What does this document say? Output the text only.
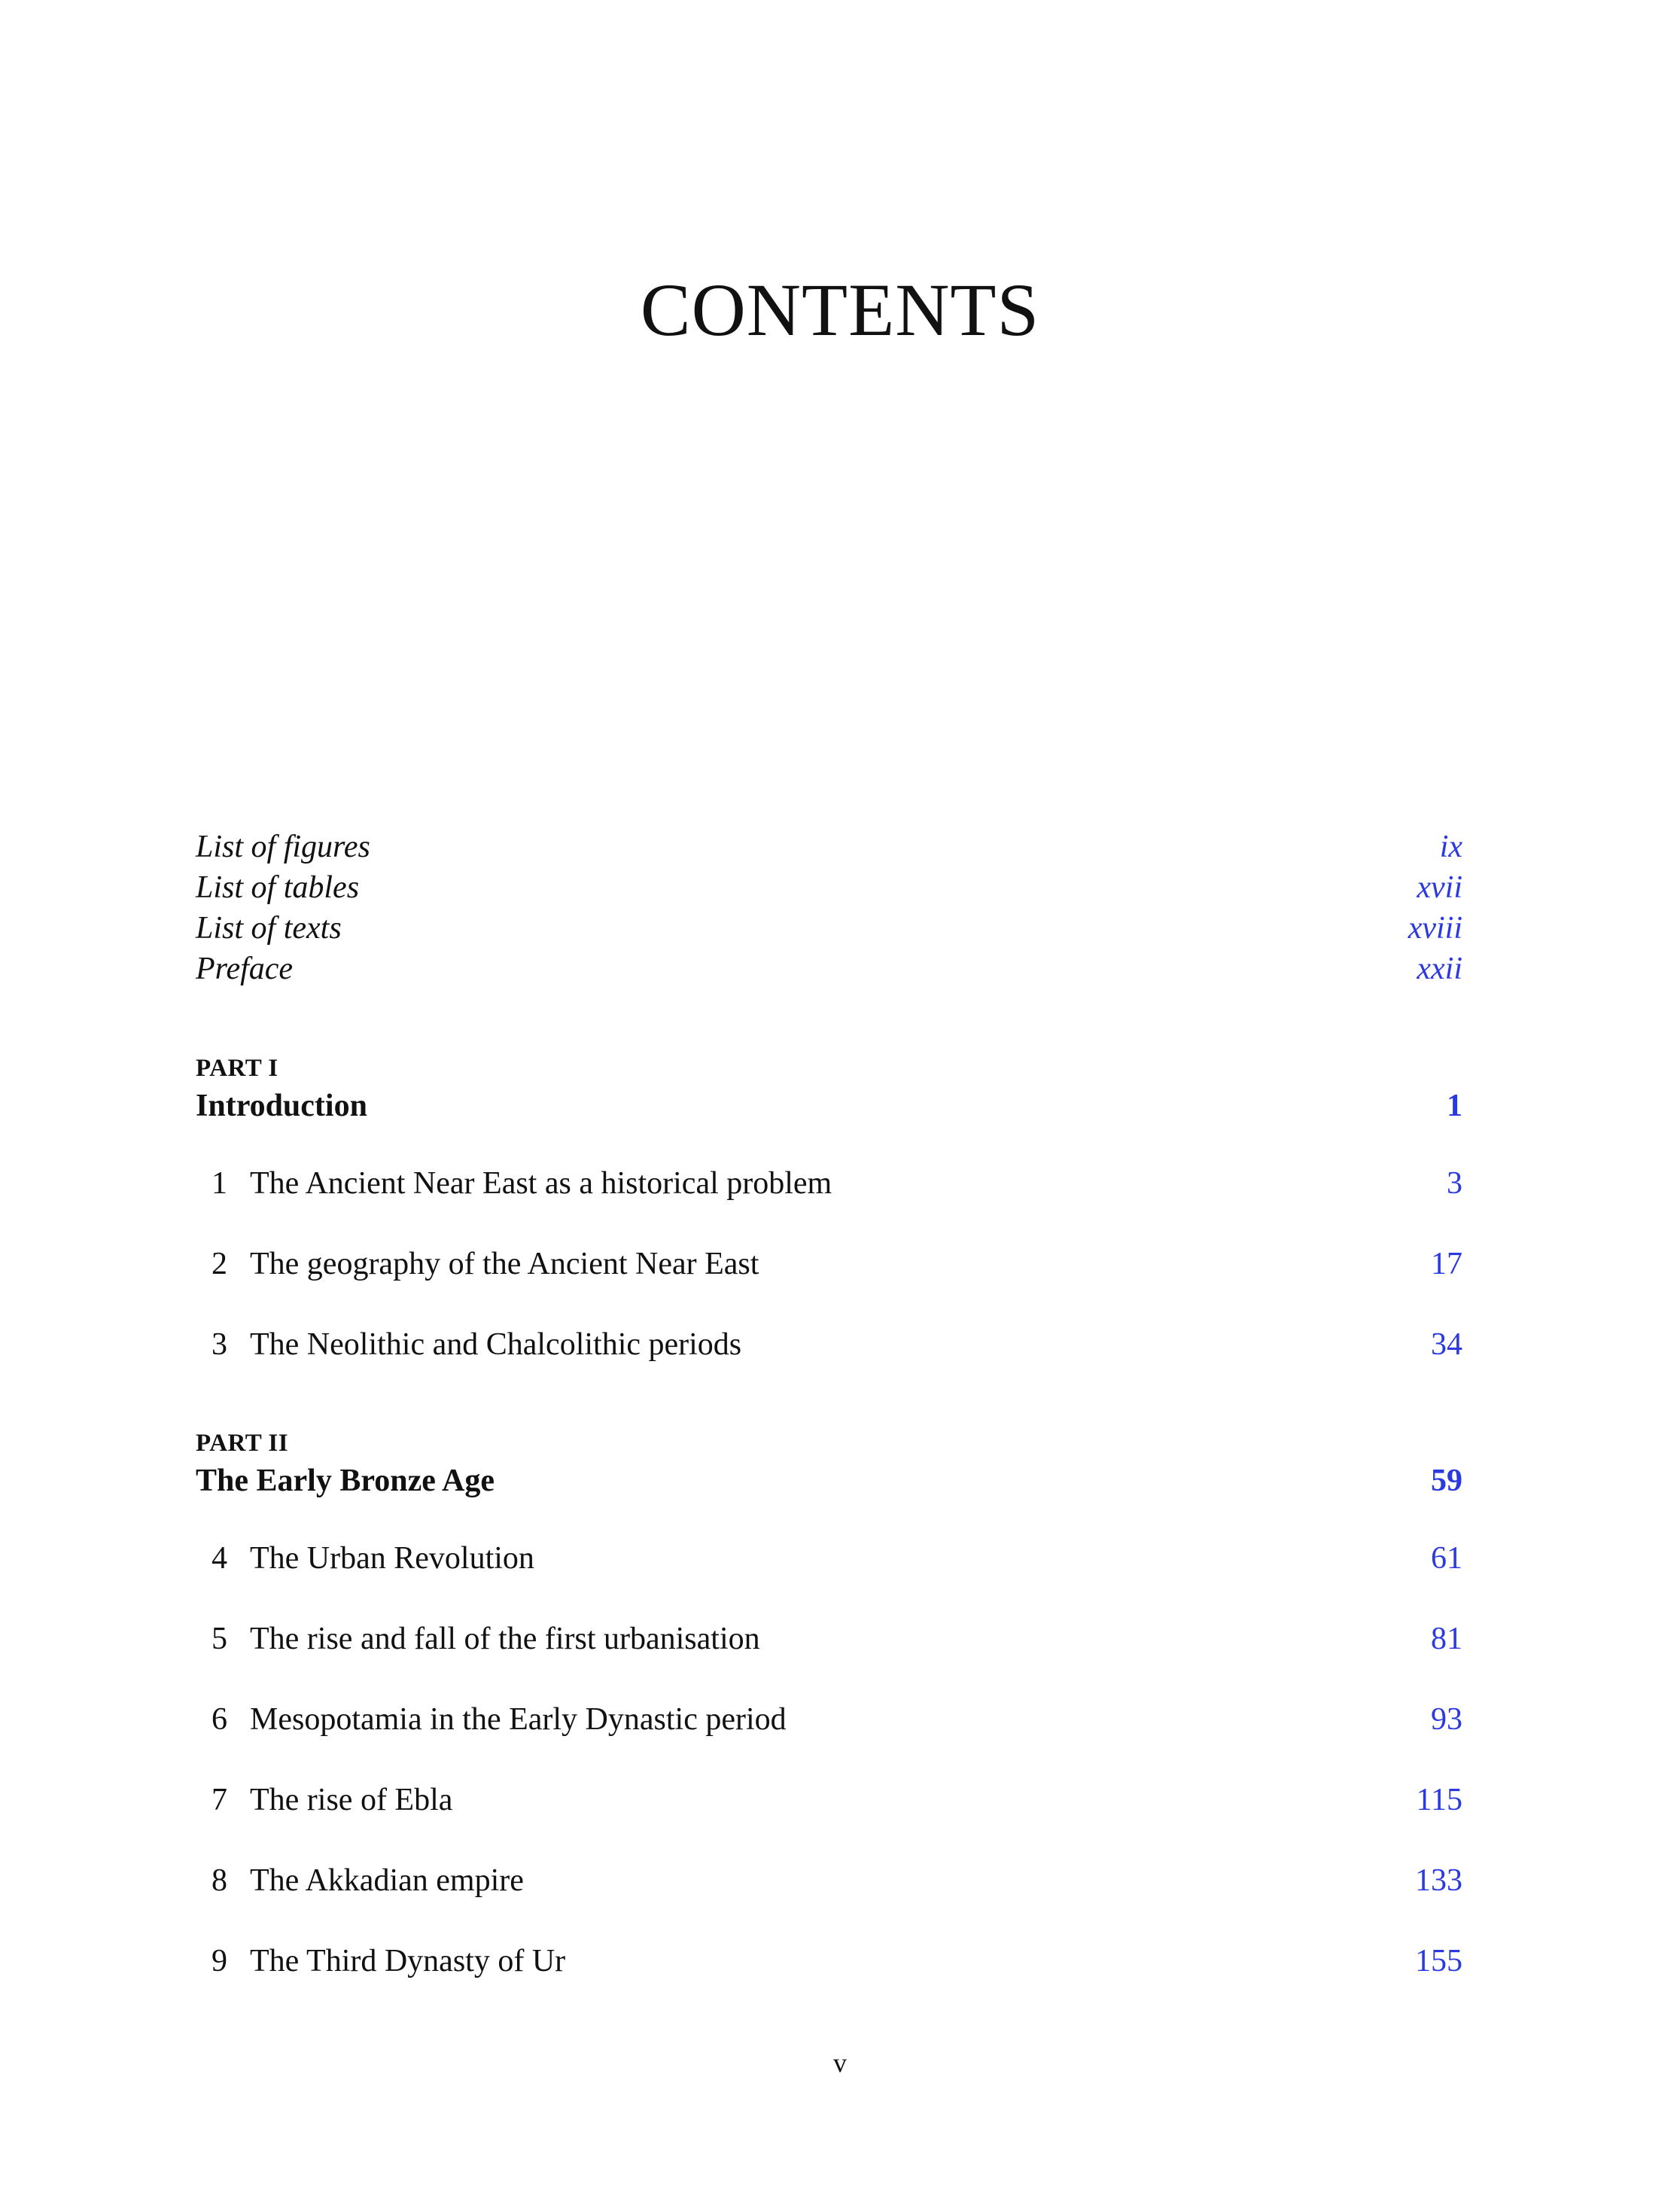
CONTENTS
List of figures	ix
List of tables	xvii
List of texts	xviii
Preface	xxii
PART I
Introduction	1
1 The Ancient Near East as a historical problem	3
2 The geography of the Ancient Near East	17
3 The Neolithic and Chalcolithic periods	34
PART II
The Early Bronze Age	59
4 The Urban Revolution	61
5 The rise and fall of the first urbanisation	81
6 Mesopotamia in the Early Dynastic period	93
7 The rise of Ebla	115
8 The Akkadian empire	133
9 The Third Dynasty of Ur	155
v
